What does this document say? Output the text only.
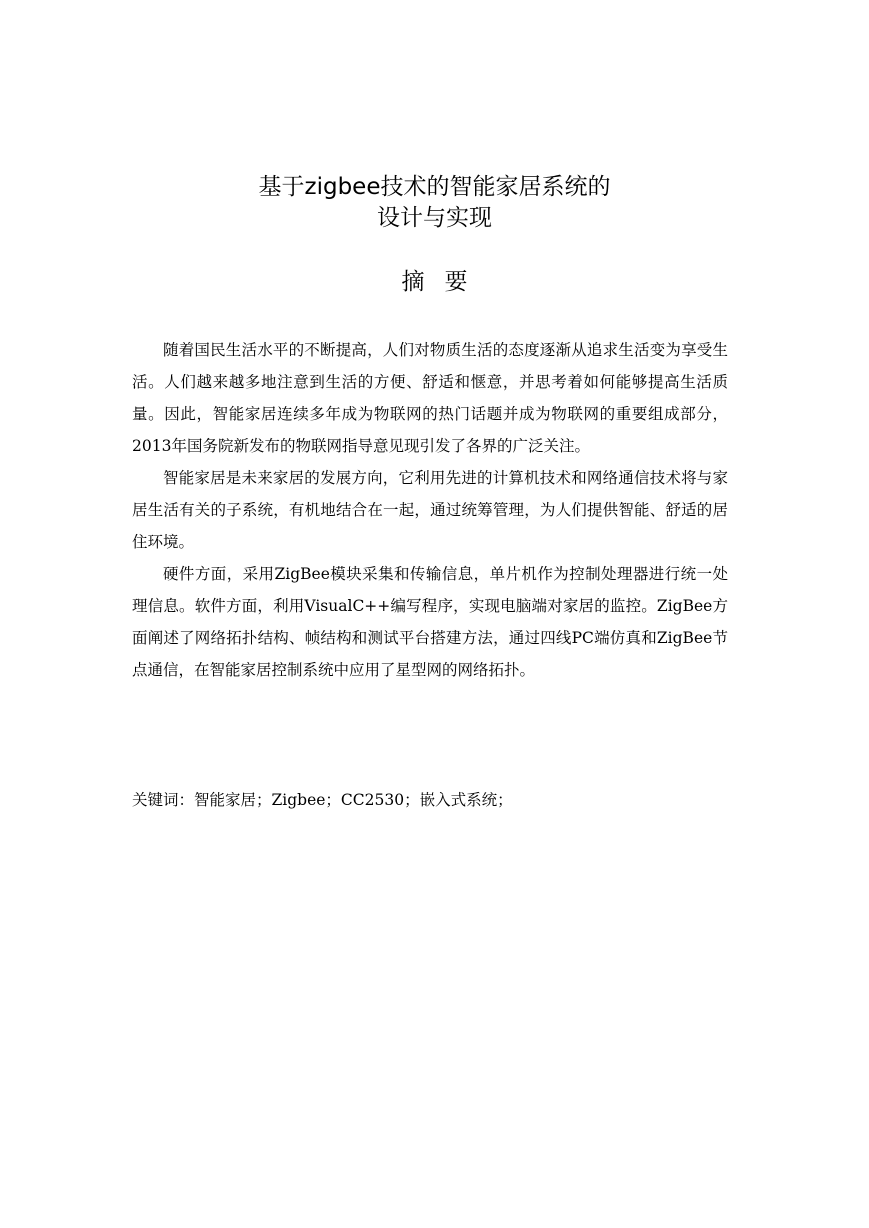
基于zigbee技术的智能家居系统的
设计与实现
摘要

随着国民生活水平的不断提高，人们对物质生活的态度逐渐从追求生活变为享受生活。人们越来越多地注意到生活的方便、舒适和惬意，并思考着如何能够提高生活质量。因此，智能家居连续多年成为物联网的热门话题并成为物联网的重要组成部分，2013年国务院新发布的物联网指导意见现引发了各界的广泛关注。

智能家居是未来家居的发展方向，它利用先进的计算机技术和网络通信技术将与家居生活有关的子系统，有机地结合在一起，通过统筹管理，为人们提供智能、舒适的居住环境。

硬件方面，采用ZigBee模块采集和传输信息，单片机作为控制处理器进行统一处理信息。软件方面，利用VisualC++编写程序，实现电脑端对家居的监控。ZigBee方面阐述了网络拓扑结构、帧结构和测试平台搭建方法，通过四线PC端仿真和ZigBee节点通信，在智能家居控制系统中应用了星型网的网络拓扑。

关键词：智能家居；Zigbee；CC2530；嵌入式系统；
